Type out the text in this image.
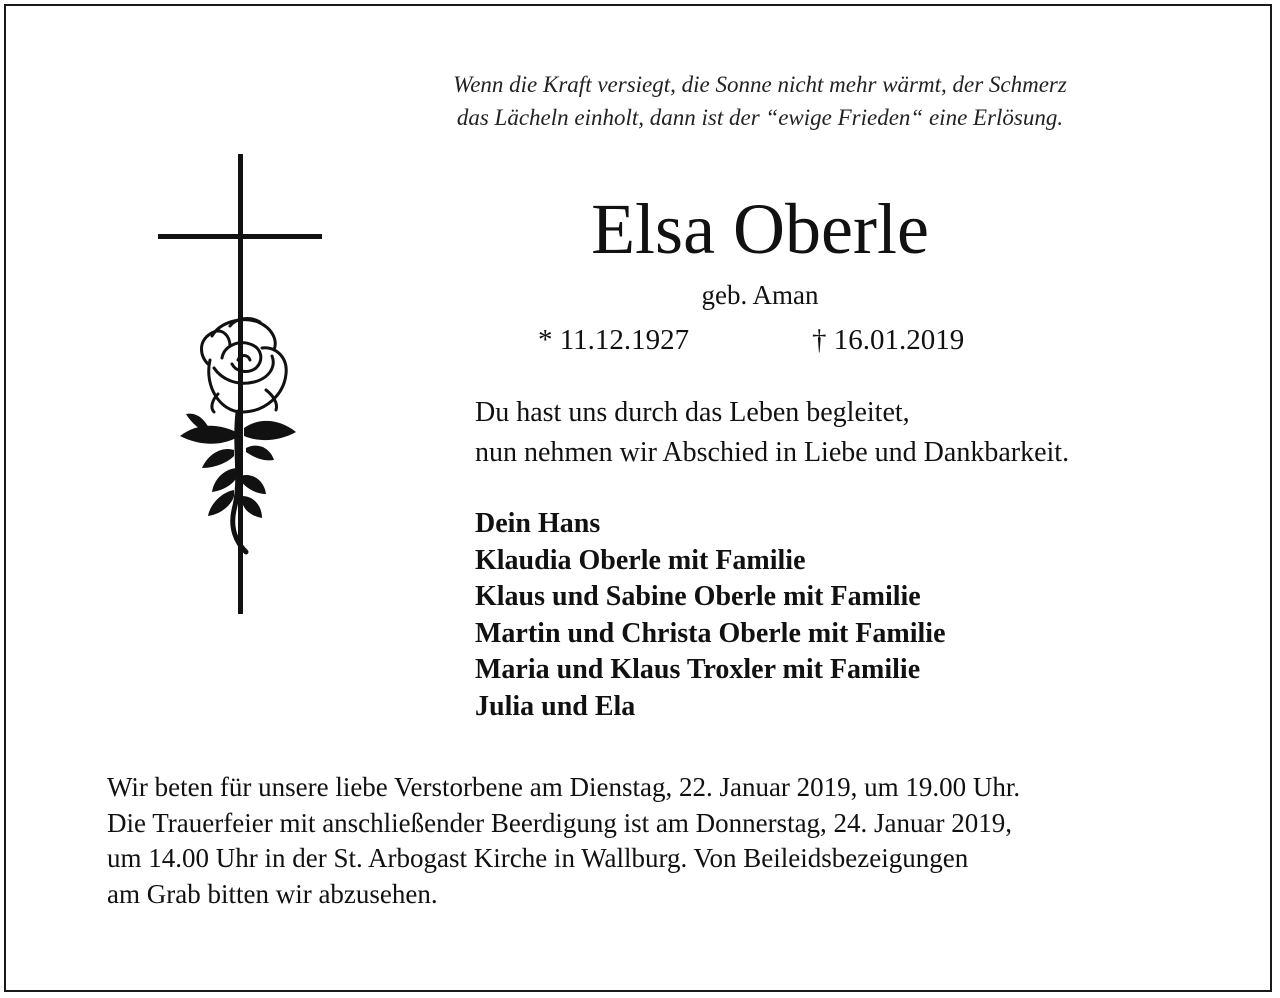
Wenn die Kraft versiegt, die Sonne nicht mehr wärmt, der Schmerz
das Lächeln einholt, dann ist der “ewige Frieden“ eine Erlösung.
Elsa Oberle
geb. Aman
* 11.12.1927	† 16.01.2019
Du hast uns durch das Leben begleitet,
nun nehmen wir Abschied in Liebe und Dankbarkeit.
Dein Hans
Klaudia Oberle mit Familie
Klaus und Sabine Oberle mit Familie
Martin und Christa Oberle mit Familie
Maria und Klaus Troxler mit Familie
Julia und Ela
Wir beten für unsere liebe Verstorbene am Dienstag, 22. Januar 2019, um 19.00 Uhr.
Die Trauerfeier mit anschließender Beerdigung ist am Donnerstag, 24. Januar 2019,
um 14.00 Uhr in der St. Arbogast Kirche in Wallburg. Von Beileidsbezeigungen
am Grab bitten wir abzusehen.
